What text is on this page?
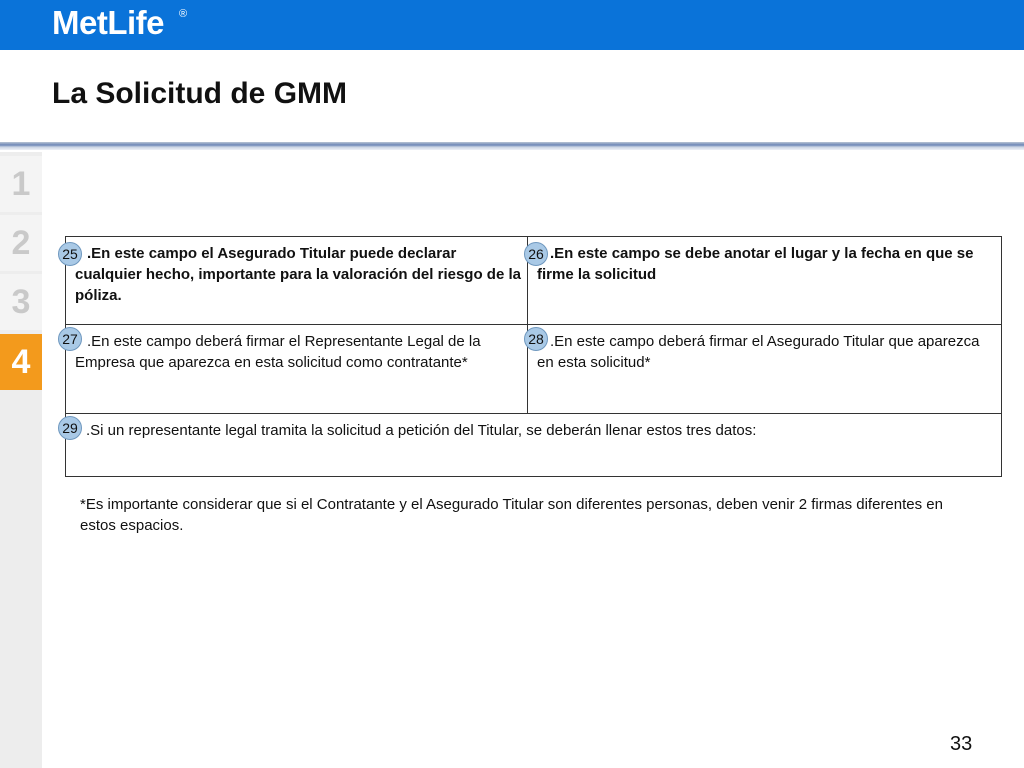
MetLife ®
La Solicitud de GMM
1
2
3
4
.En este campo el Asegurado Titular puede declarar cualquier hecho, importante para la valoración del riesgo de la póliza.
.En este campo se debe anotar el lugar y la fecha en que se firme la solicitud
.En este campo deberá firmar el Representante Legal de la Empresa que aparezca en esta solicitud como contratante*
.En este campo deberá firmar el Asegurado Titular que aparezca en esta solicitud*
.Si un representante legal tramita la solicitud a petición del Titular, se deberán llenar estos tres datos:
25	26
27	28
29

*Es importante considerar que si el Contratante y el Asegurado Titular son diferentes personas, deben venir 2 firmas diferentes en estos espacios.

33
